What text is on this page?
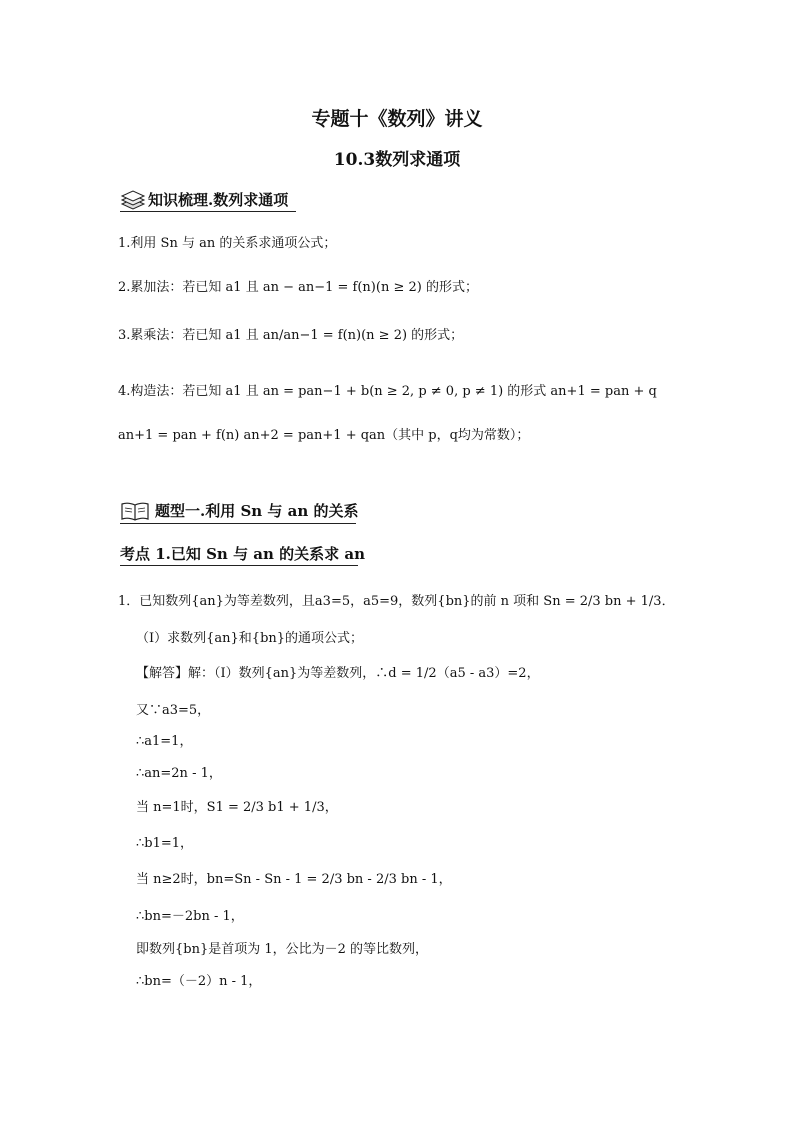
专题十《数列》讲义
10.3数列求通项
知识梳理.数列求通项
1.利用 Sn 与 an 的关系求通项公式；
2.累加法：若已知 a1 且 an − an−1 = f(n)(n ≥ 2) 的形式；
3.累乘法：若已知 a1 且 an/an−1 = f(n)(n ≥ 2) 的形式；
4.构造法：若已知 a1 且 an = pan−1 + b(n ≥ 2, p ≠ 0, p ≠ 1) 的形式 an+1 = pan + q
an+1 = pan + f(n) an+2 = pan+1 + qan（其中 p，q均为常数）；
题型一.利用 Sn 与 an 的关系
考点 1.已知 Sn 与 an 的关系求 an
1．已知数列{an}为等差数列，且a3=5，a5=9，数列{bn}的前 n 项和 Sn = 2/3 bn + 1/3．
（Ⅰ）求数列{an}和{bn}的通项公式；
【解答】解：（Ⅰ）数列{an}为等差数列，∴d = 1/2（a5 - a3）=2，
又∵a3=5，
∴a1=1，
∴an=2n - 1，
当 n=1时，S1 = 2/3 b1 + 1/3，
∴b1=1，
当 n≥2时，bn=Sn - Sn - 1 = 2/3 bn - 2/3 bn - 1，
∴bn=－2bn - 1，
即数列{bn}是首项为 1，公比为－2 的等比数列，
∴bn=（－2）n - 1，
